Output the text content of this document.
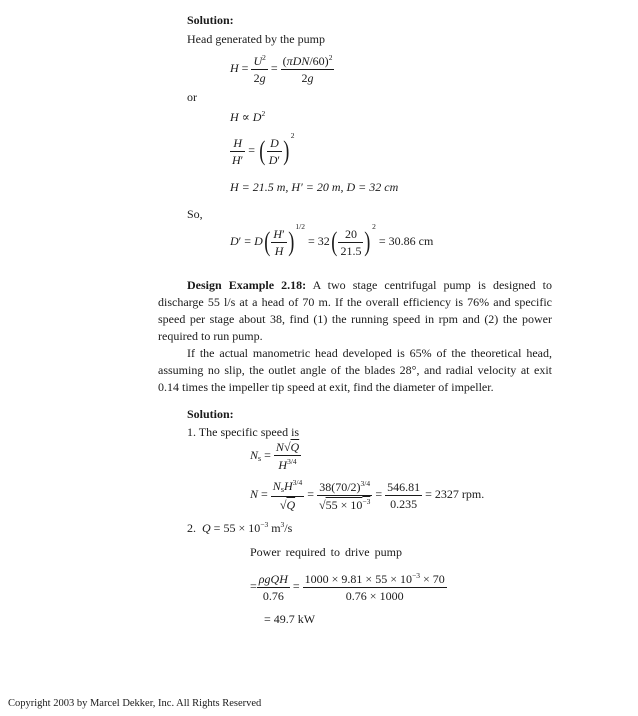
Solution:
Head generated by the pump
$H = \frac{U^2}{2g} = \frac{(\pi DN/60)^2}{2g}$
or
$H \propto D^2$
$\frac{H}{H'}$ = ( $\frac{D}{D'} )^2$
H = 21.5 m, H′ = 20 m, D = 32 cm
So,
$D' = D( \frac{H'}{H} )^{1/2} = 32( \frac{20}{21.5} )^2 = 30.86$ cm
Design Example 2.18: A two stage centrifugal pump is designed to
discharge 55 l/s at a head of 70 m. If the overall efficiency is 76% and specific
speed per stage about 38, find (1) the running speed in rpm and (2) the power
required to run pump.
If the actual manometric head developed is 65% of the theoretical head,
assuming no slip, the outlet angle of the blades 28°, and radial velocity at exit
0.14 times the impeller tip speed at exit, find the diameter of impeller.
Solution:
1. The specific speed is
$N_s = \frac{N√Q}{H^{3/4}}$
$N = \frac{N_sH^{3/4}}{√Q} = \frac{38(70/2)^{3/4}}{√55 \times 10^{-3}} = \frac{546.81}{0.235} = 2327$ rpm.
2. $Q = 55 \times 10^{-3}$ $m^3/s$
Power required to drive pump
= $\frac{\text{ρgQH}}{0.76} = \frac{1000 \times 9.81 \times 55 \times 10^{-3} \times 70}{0.76 \times 1000}$
= 49.7 kW
Copyright 2003 by Marcel Dekker, Inc. All Rights Reserved
